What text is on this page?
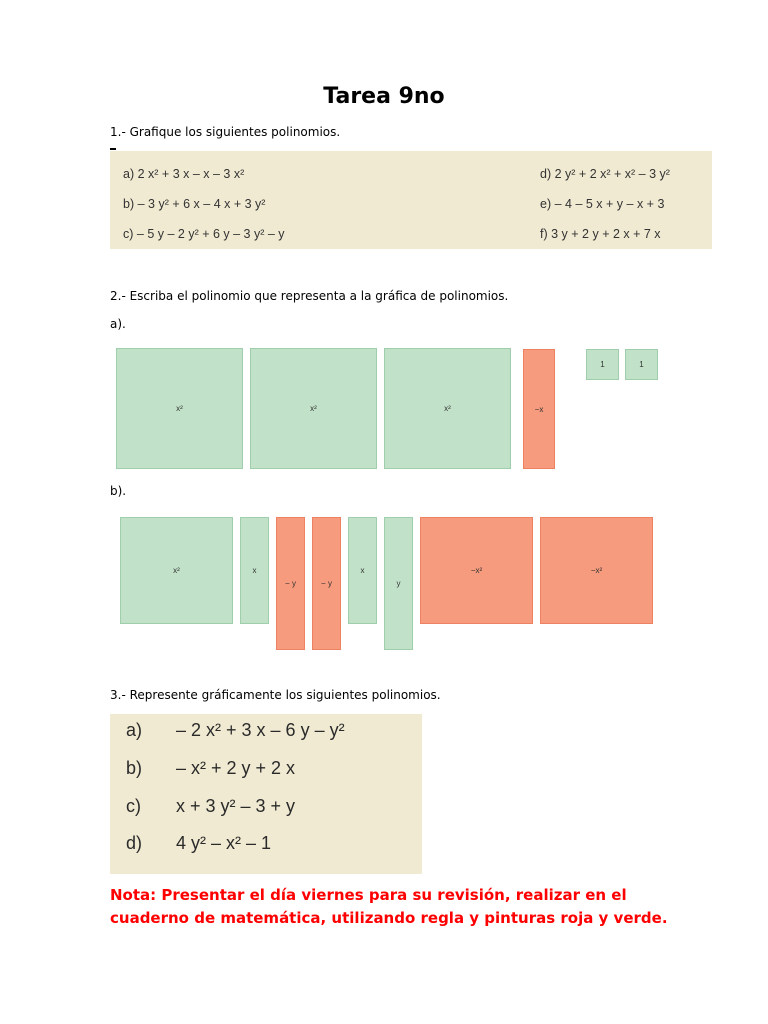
Tarea 9no
1.- Grafique los siguientes polinomios.
a) 2 x² + 3 x – x – 3 x²
b) – 3 y² + 6 x – 4 x + 3 y²
c) – 5 y – 2 y² + 6 y – 3 y² – y
d) 2 y² + 2 x² + x² – 3 y²
e) – 4 – 5 x + y – x + 3
f) 3 y + 2 y + 2 x + 7 x
2.- Escriba el polinomio que representa a la gráfica de polinomios.
a).
x²	x²	x²	−x
1	1
b).
x²	x
− y	− y
x
y
−x²	−x²
3.- Represente gráficamente los siguientes polinomios.
a) – 2 x² + 3 x – 6 y – y²
b) – x² + 2 y + 2 x
c) x + 3 y² – 3 + y
d) 4 y² – x² – 1
Nota: Presentar el día viernes para su revisión, realizar en el cuaderno de matemática, utilizando regla y pinturas roja y verde.
